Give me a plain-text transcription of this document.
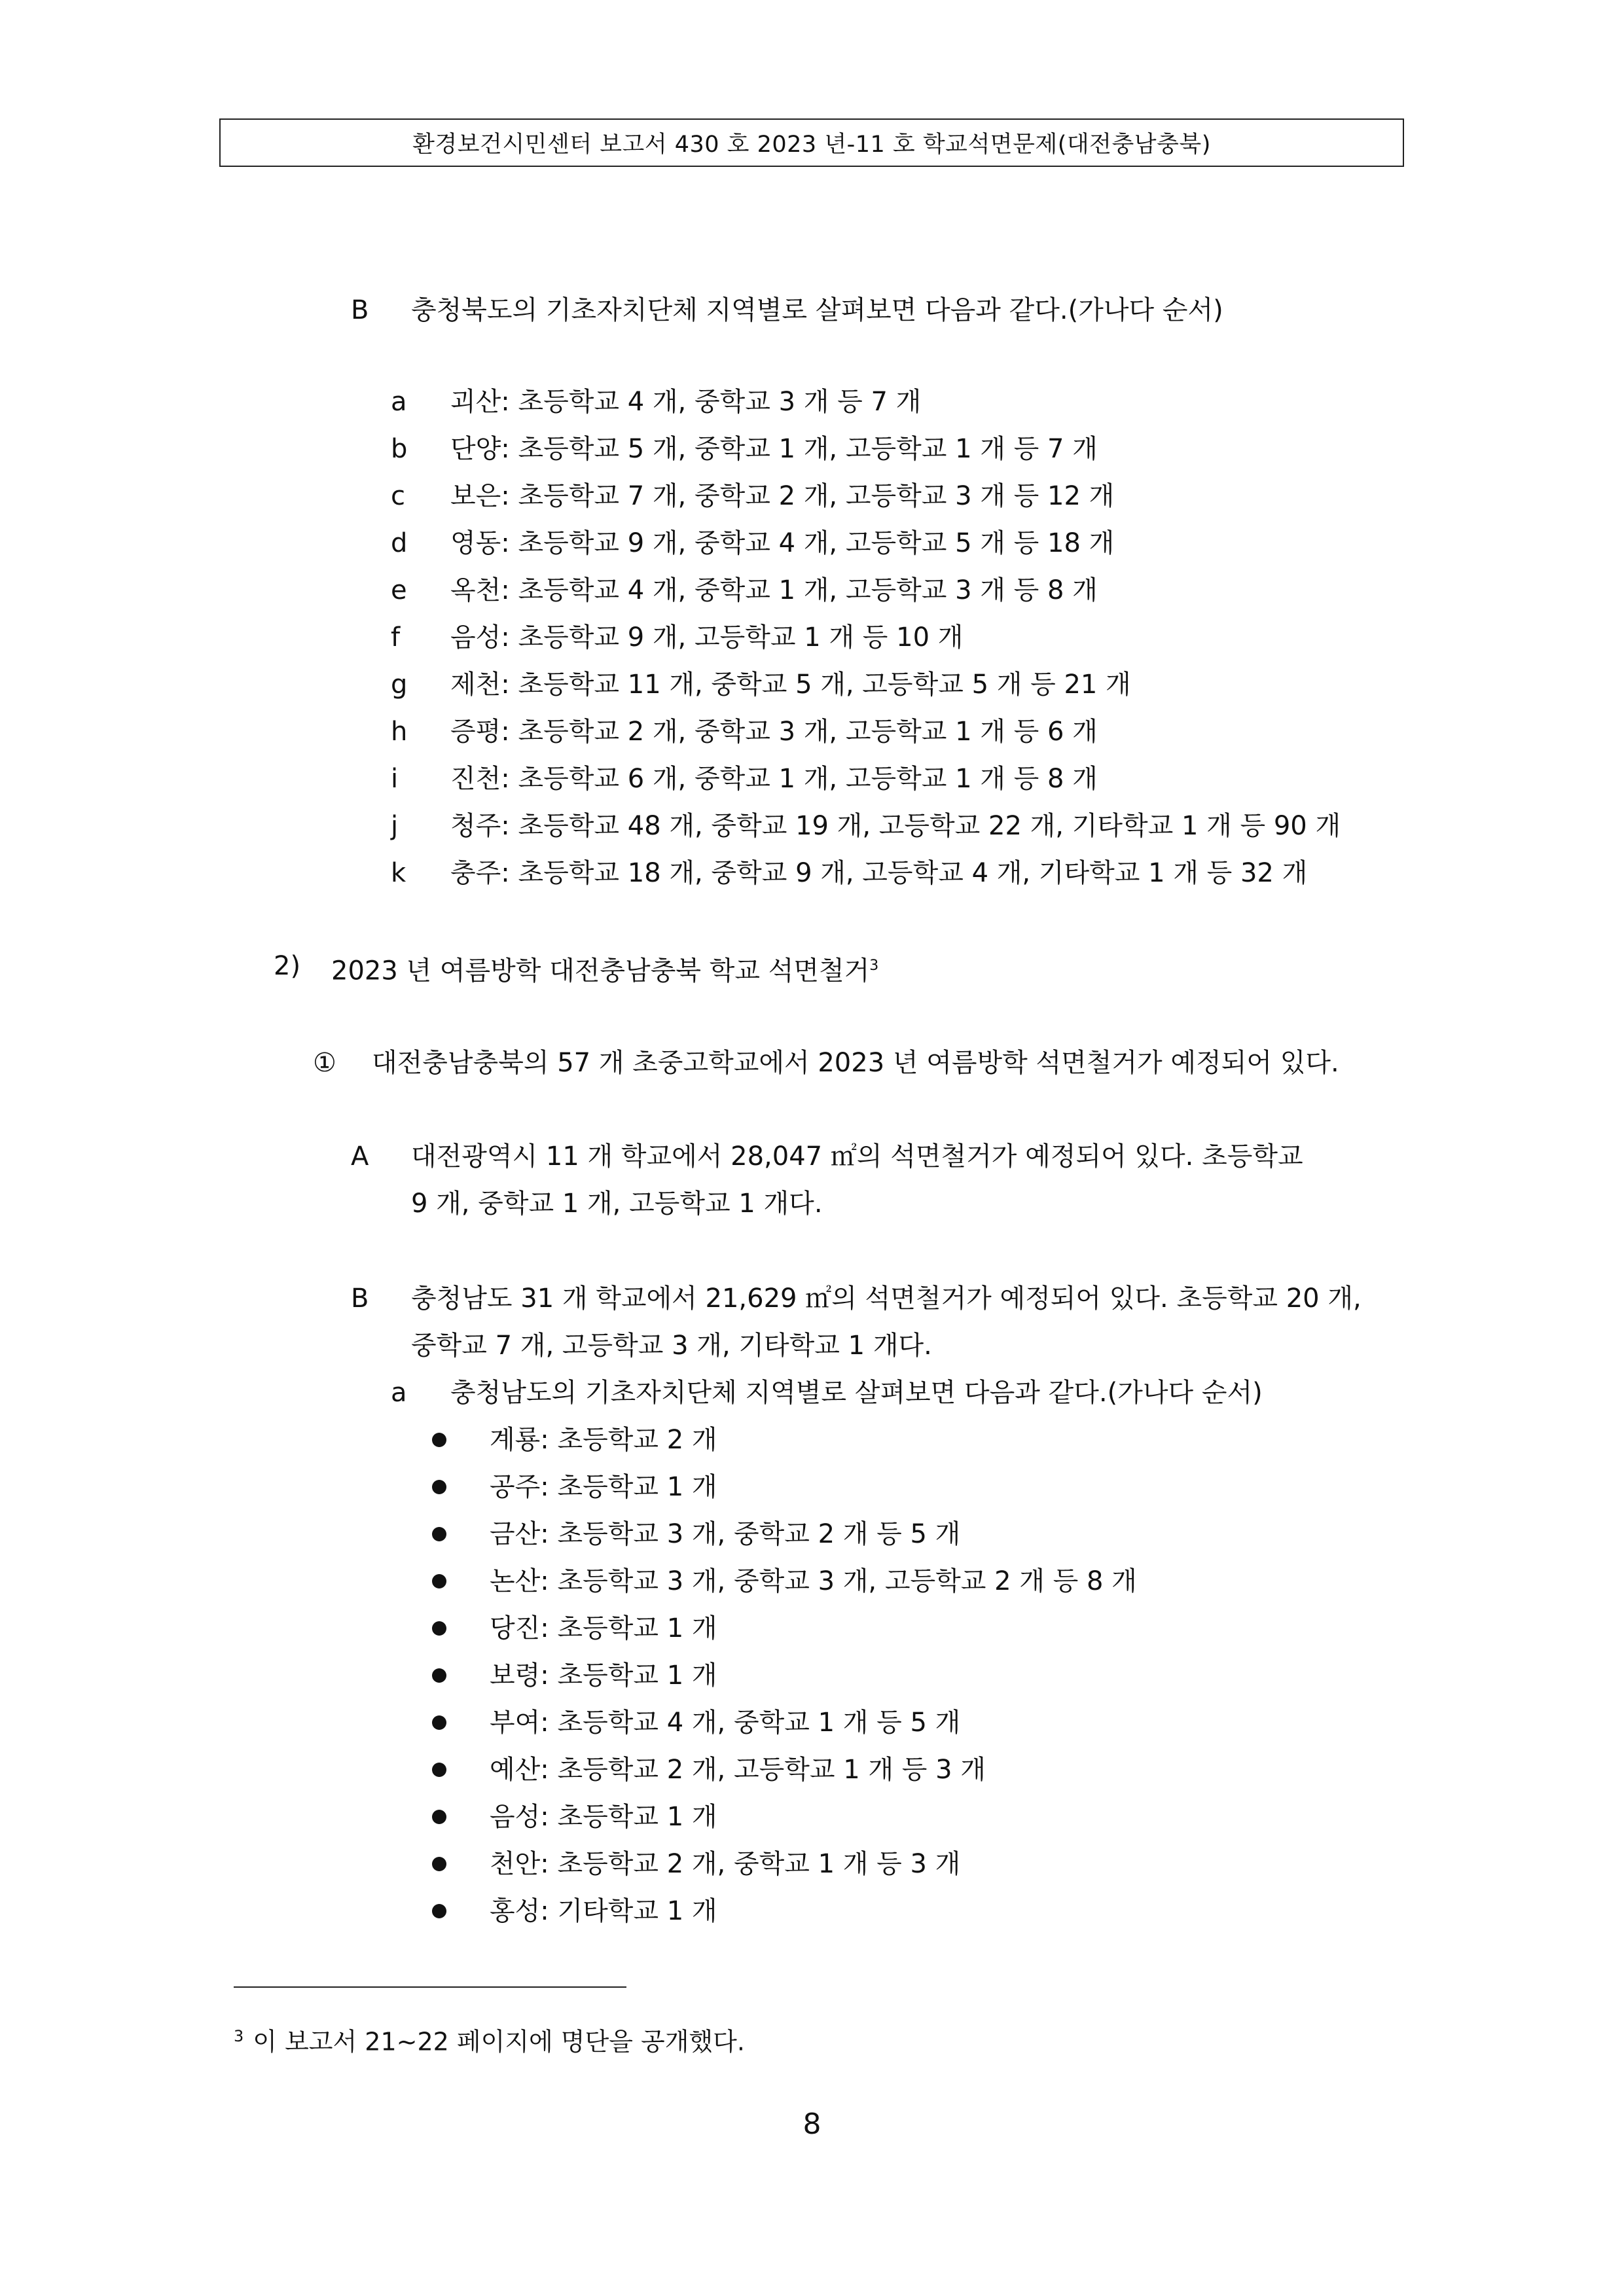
환경보건시민센터 보고서 430 호 2023 년-11 호 학교석면문제(대전충남충북)
B 충청북도의 기초자치단체 지역별로 살펴보면 다음과 같다.(가나다 순서)
a 괴산: 초등학교 4 개, 중학교 3 개 등 7 개
b 단양: 초등학교 5 개, 중학교 1 개, 고등학교 1 개 등 7 개
c 보은: 초등학교 7 개, 중학교 2 개, 고등학교 3 개 등 12 개
d 영동: 초등학교 9 개, 중학교 4 개, 고등학교 5 개 등 18 개
e 옥천: 초등학교 4 개, 중학교 1 개, 고등학교 3 개 등 8 개
f 음성: 초등학교 9 개, 고등학교 1 개 등 10 개
g 제천: 초등학교 11 개, 중학교 5 개, 고등학교 5 개 등 21 개
h 증평: 초등학교 2 개, 중학교 3 개, 고등학교 1 개 등 6 개
i 진천: 초등학교 6 개, 중학교 1 개, 고등학교 1 개 등 8 개
j 청주: 초등학교 48 개, 중학교 19 개, 고등학교 22 개, 기타학교 1 개 등 90 개
k 충주: 초등학교 18 개, 중학교 9 개, 고등학교 4 개, 기타학교 1 개 등 32 개
2) 2023 년 여름방학 대전충남충북 학교 석면철거$^3$
① 대전충남충북의 57 개 초중고학교에서 2023 년 여름방학 석면철거가 예정되어 있다.
A 대전광역시 11 개 학교에서 28,047 ㎡의 석면철거가 예정되어 있다. 초등학교
9 개, 중학교 1 개, 고등학교 1 개다.
B 충청남도 31 개 학교에서 21,629 ㎡의 석면철거가 예정되어 있다. 초등학교 20 개,
중학교 7 개, 고등학교 3 개, 기타학교 1 개다.
a 충청남도의 기초자치단체 지역별로 살펴보면 다음과 같다.(가나다 순서)
계룡: 초등학교 2 개
공주: 초등학교 1 개
금산: 초등학교 3 개, 중학교 2 개 등 5 개
논산: 초등학교 3 개, 중학교 3 개, 고등학교 2 개 등 8 개
당진: 초등학교 1 개
보령: 초등학교 1 개
부여: 초등학교 4 개, 중학교 1 개 등 5 개
예산: 초등학교 2 개, 고등학교 1 개 등 3 개
음성: 초등학교 1 개
천안: 초등학교 2 개, 중학교 1 개 등 3 개
홍성: 기타학교 1 개
$^3$ 이 보고서 21~22 페이지에 명단을 공개했다.
8
